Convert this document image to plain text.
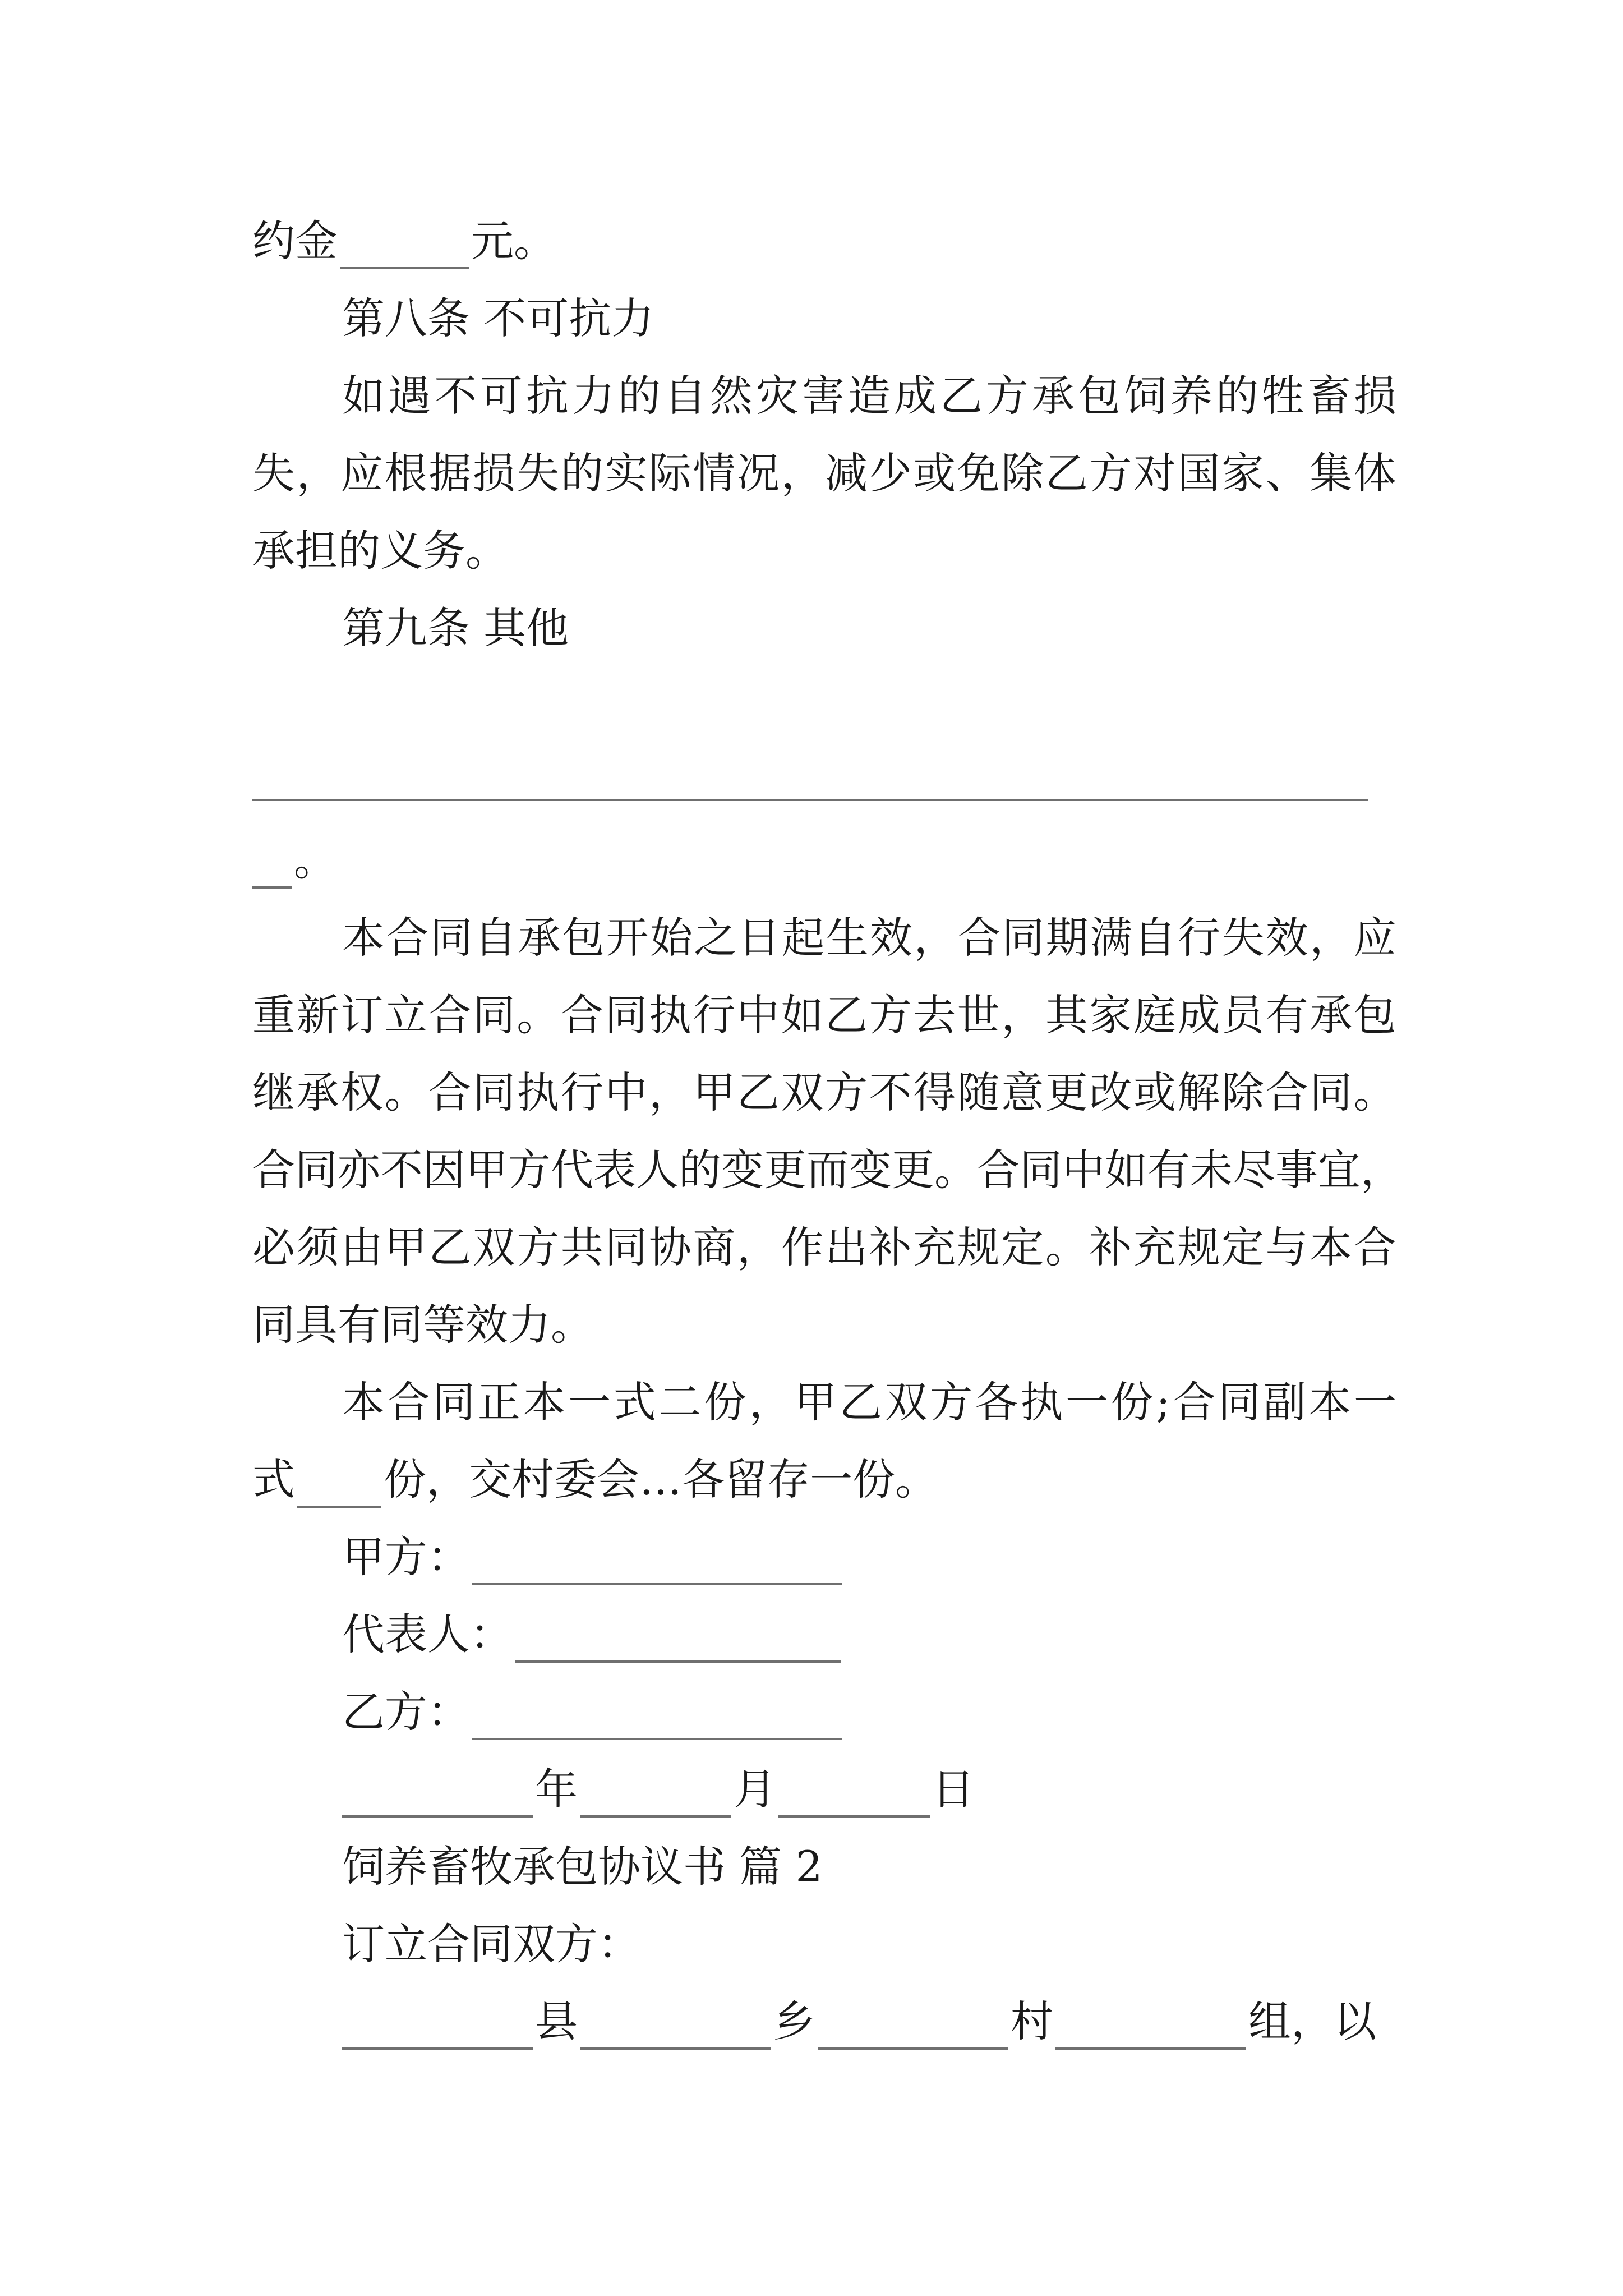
约金	元。
第八条 不可抗力
如 遇 不 可 抗 力 的 自 然 灾 害 造 成 乙 方 承 包 饲 养 的 牲 畜 损
失 ， 应 根 据 损 失 的 实 际 情 况 ， 减 少 或 免 除 乙 方 对 国 家 、 集 体
承担的义务。
第九条 其他
。
本 合 同 自 承 包 开 始 之 日 起 生 效 ， 合 同 期 满 自 行 失 效 ， 应
重 新 订 立 合 同 。 合 同 执 行 中 如 乙 方 去 世 ， 其 家 庭 成 员 有 承 包
继 承 权 。 合 同 执 行 中 ， 甲 乙 双 方 不 得 随 意 更 改 或 解 除 合 同 。
合 同 亦 不 因 甲 方 代 表 人 的 变 更 而 变 更 。 合 同 中 如 有 未 尽 事 宜 ，
必 须 由 甲 乙 双 方 共 同 协 商 ， 作 出 补 充 规 定 。 补 充 规 定 与 本 合
同具有同等效力。
本 合 同 正 本 一 式 二 份 ， 甲 乙 双 方 各 执 一 份 ; 合 同 副 本 一
式 份，交村委会…各留存一份。
甲方：
代表人：
乙方：
年	月	日
饲养畜牧承包协议书 篇 2
订立合同双方：
县	乡	村	组，以
